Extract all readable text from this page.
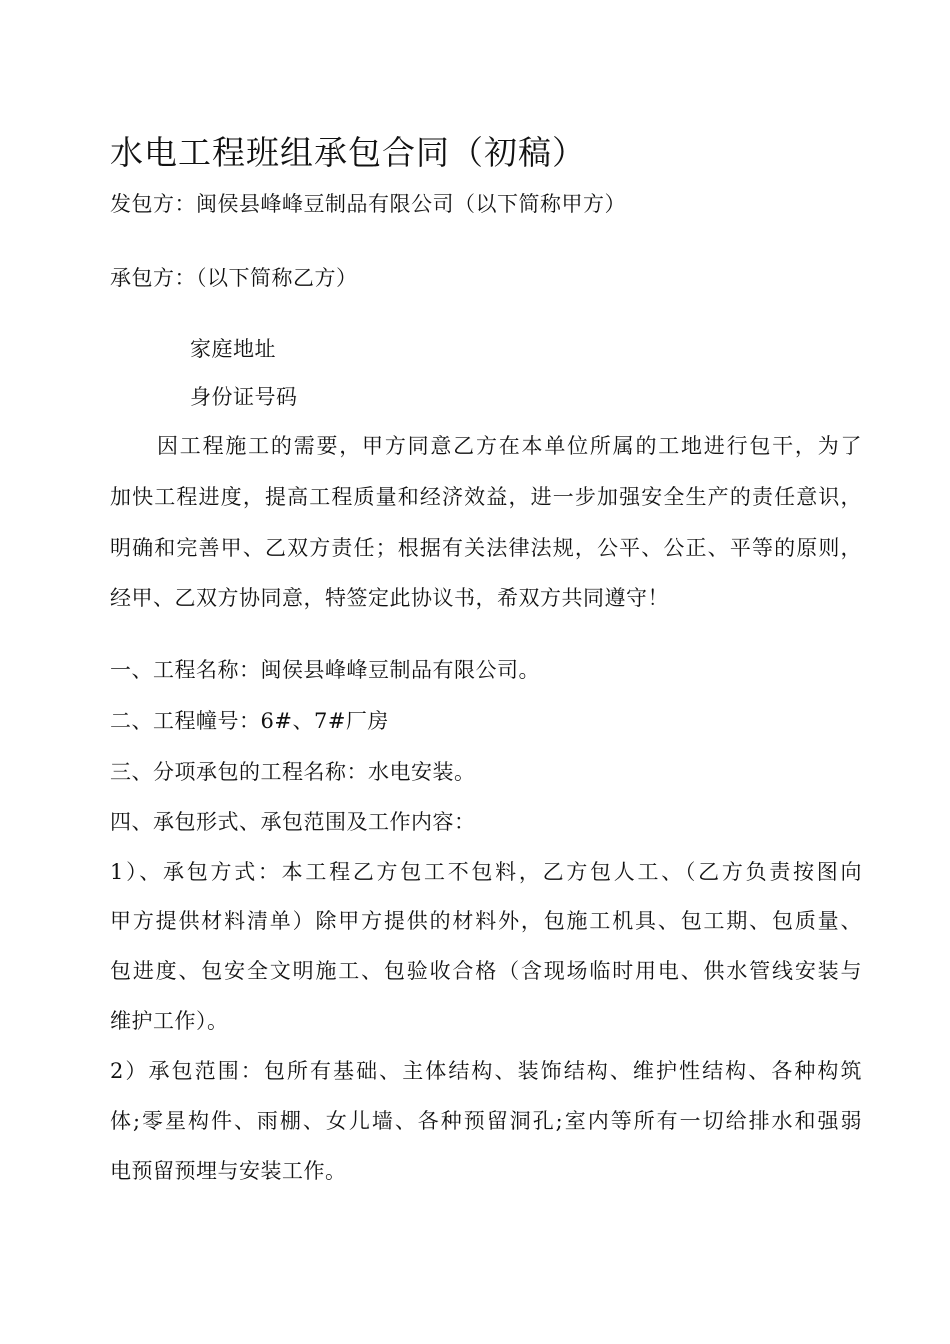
水电工程班组承包合同（初稿）
发包方：闽侯县峰峰豆制品有限公司（以下简称甲方）
承包方：（以下简称乙方）
家庭地址
身份证号码
因工程施工的需要，甲方同意乙方在本单位所属的工地进行包干，为了
加快工程进度，提高工程质量和经济效益，进一步加强安全生产的责任意识，
明确和完善甲、乙双方责任；根据有关法律法规，公平、公正、平等的原则，
经甲、乙双方协同意，特签定此协议书，希双方共同遵守！
一、工程名称：闽侯县峰峰豆制品有限公司。
二、工程幢号：6#、7#厂房
三、分项承包的工程名称：水电安装。
四、承包形式、承包范围及工作内容：
1）、承包方式：本工程乙方包工不包料，乙方包人工、（乙方负责按图向
甲方提供材料清单）除甲方提供的材料外，包施工机具、包工期、包质量、
包进度、包安全文明施工、包验收合格（含现场临时用电、供水管线安装与
维护工作）。
2）承包范围：包所有基础、主体结构、装饰结构、维护性结构、各种构筑
体;零星构件、雨棚、女儿墙、各种预留洞孔;室内等所有一切给排水和强弱
电预留预埋与安装工作。
